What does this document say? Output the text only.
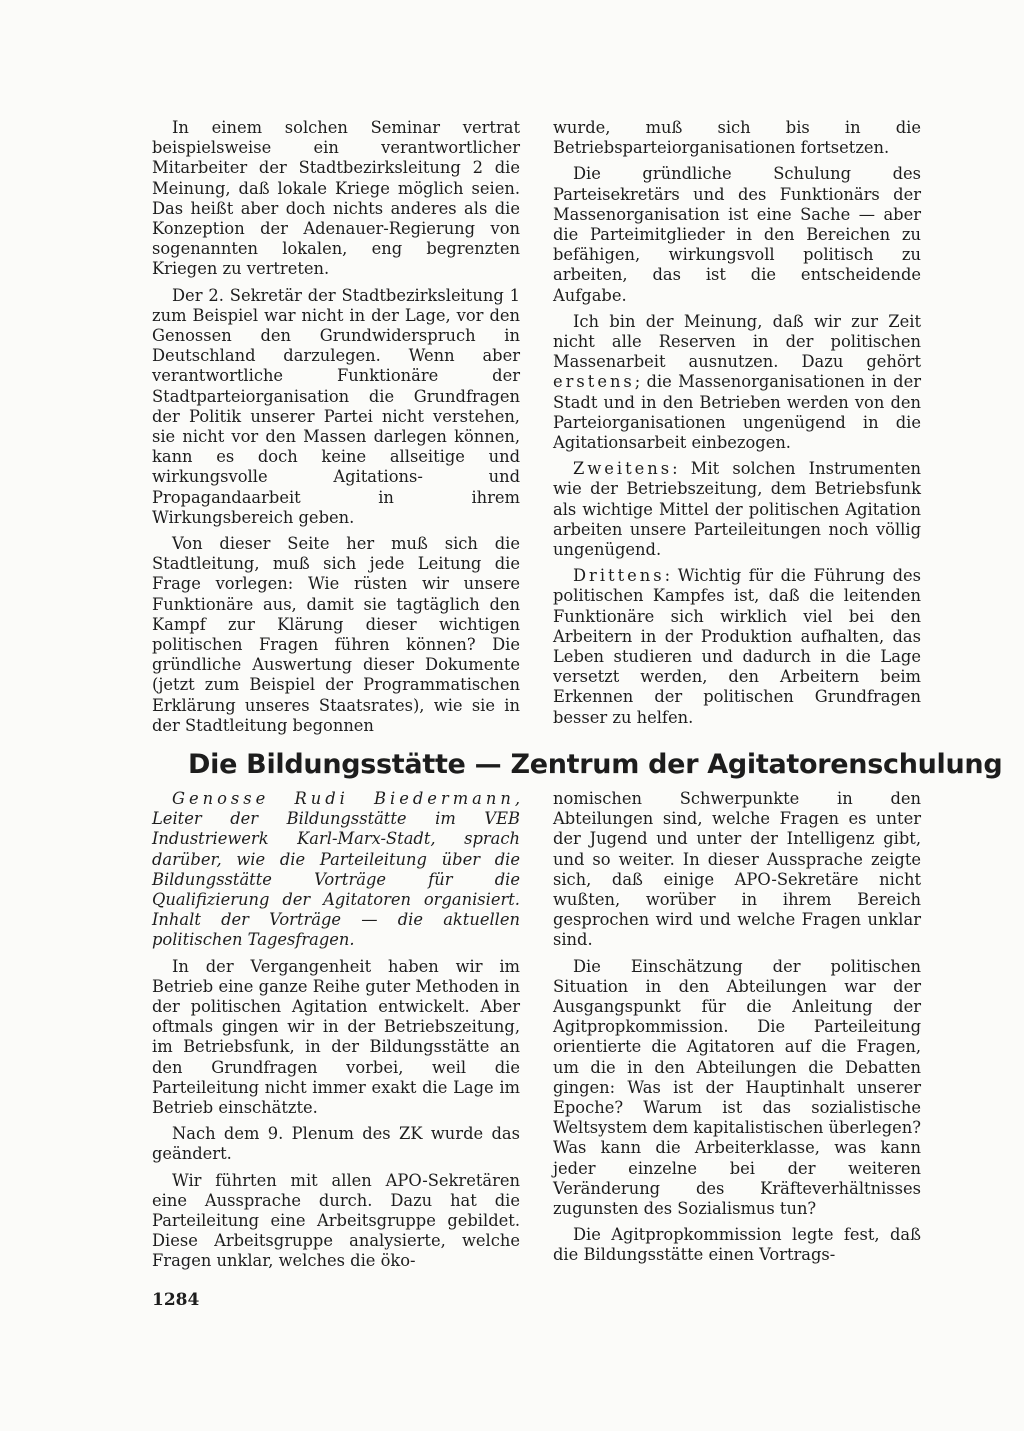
In einem solchen Seminar vertrat beispielsweise ein verantwortlicher Mitarbeiter der Stadtbezirksleitung 2 die Meinung, daß lokale Kriege möglich seien. Das heißt aber doch nichts anderes als die Konzeption der Adenauer-Regierung von sogenannten lokalen, eng begrenzten Kriegen zu vertreten.

Der 2. Sekretär der Stadtbezirksleitung 1 zum Beispiel war nicht in der Lage, vor den Genossen den Grundwiderspruch in Deutschland darzulegen. Wenn aber verantwortliche Funktionäre der Stadtparteiorganisation die Grundfragen der Politik unserer Partei nicht verstehen, sie nicht vor den Massen darlegen können, kann es doch keine allseitige und wirkungsvolle Agitations- und Propagandaarbeit in ihrem Wirkungsbereich geben.

Von dieser Seite her muß sich die Stadtleitung, muß sich jede Leitung die Frage vorlegen: Wie rüsten wir unsere Funktionäre aus, damit sie tagtäglich den Kampf zur Klärung dieser wichtigen politischen Fragen führen können? Die gründliche Auswertung dieser Dokumente (jetzt zum Beispiel der Programmatischen Erklärung unseres Staatsrates), wie sie in der Stadtleitung begonnen

wurde, muß sich bis in die Betriebsparteiorganisationen fortsetzen.

Die gründliche Schulung des Parteisekretärs und des Funktionärs der Massenorganisation ist eine Sache — aber die Parteimitglieder in den Bereichen zu befähigen, wirkungsvoll politisch zu arbeiten, das ist die entscheidende Aufgabe.

Ich bin der Meinung, daß wir zur Zeit nicht alle Reserven in der politischen Massenarbeit ausnutzen. Dazu gehört erstens; die Massenorganisationen in der Stadt und in den Betrieben werden von den Parteiorganisationen ungenügend in die Agitationsarbeit einbezogen.

Zweitens: Mit solchen Instrumenten wie der Betriebszeitung, dem Betriebsfunk als wichtige Mittel der politischen Agitation arbeiten unsere Parteileitungen noch völlig ungenügend.

Drittens: Wichtig für die Führung des politischen Kampfes ist, daß die leitenden Funktionäre sich wirklich viel bei den Arbeitern in der Produktion aufhalten, das Leben studieren und dadurch in die Lage versetzt werden, den Arbeitern beim Erkennen der politischen Grundfragen besser zu helfen.

Die Bildungsstätte — Zentrum der Agitatorenschulung

Genosse Rudi Biedermann, Leiter der Bildungsstätte im VEB Industriewerk Karl-Marx-Stadt, sprach darüber, wie die Parteileitung über die Bildungsstätte Vorträge für die Qualifizierung der Agitatoren organisiert. Inhalt der Vorträge — die aktuellen politischen Tagesfragen.

In der Vergangenheit haben wir im Betrieb eine ganze Reihe guter Methoden in der politischen Agitation entwickelt. Aber oftmals gingen wir in der Betriebszeitung, im Betriebsfunk, in der Bildungsstätte an den Grundfragen vorbei, weil die Parteileitung nicht immer exakt die Lage im Betrieb einschätzte.

Nach dem 9. Plenum des ZK wurde das geändert.

Wir führten mit allen APO-Sekretären eine Aussprache durch. Dazu hat die Parteileitung eine Arbeitsgruppe gebildet. Diese Arbeitsgruppe analysierte, welche Fragen unklar, welches die öko-

nomischen Schwerpunkte in den Abteilungen sind, welche Fragen es unter der Jugend und unter der Intelligenz gibt, und so weiter. In dieser Aussprache zeigte sich, daß einige APO-Sekretäre nicht wußten, worüber in ihrem Bereich gesprochen wird und welche Fragen unklar sind.

Die Einschätzung der politischen Situation in den Abteilungen war der Ausgangspunkt für die Anleitung der Agitpropkommission. Die Parteileitung orientierte die Agitatoren auf die Fragen, um die in den Abteilungen die Debatten gingen: Was ist der Hauptinhalt unserer Epoche? Warum ist das sozialistische Weltsystem dem kapitalistischen überlegen? Was kann die Arbeiterklasse, was kann jeder einzelne bei der weiteren Veränderung des Kräfteverhältnisses zugunsten des Sozialismus tun?

Die Agitpropkommission legte fest, daß die Bildungsstätte einen Vortrags-

1284
